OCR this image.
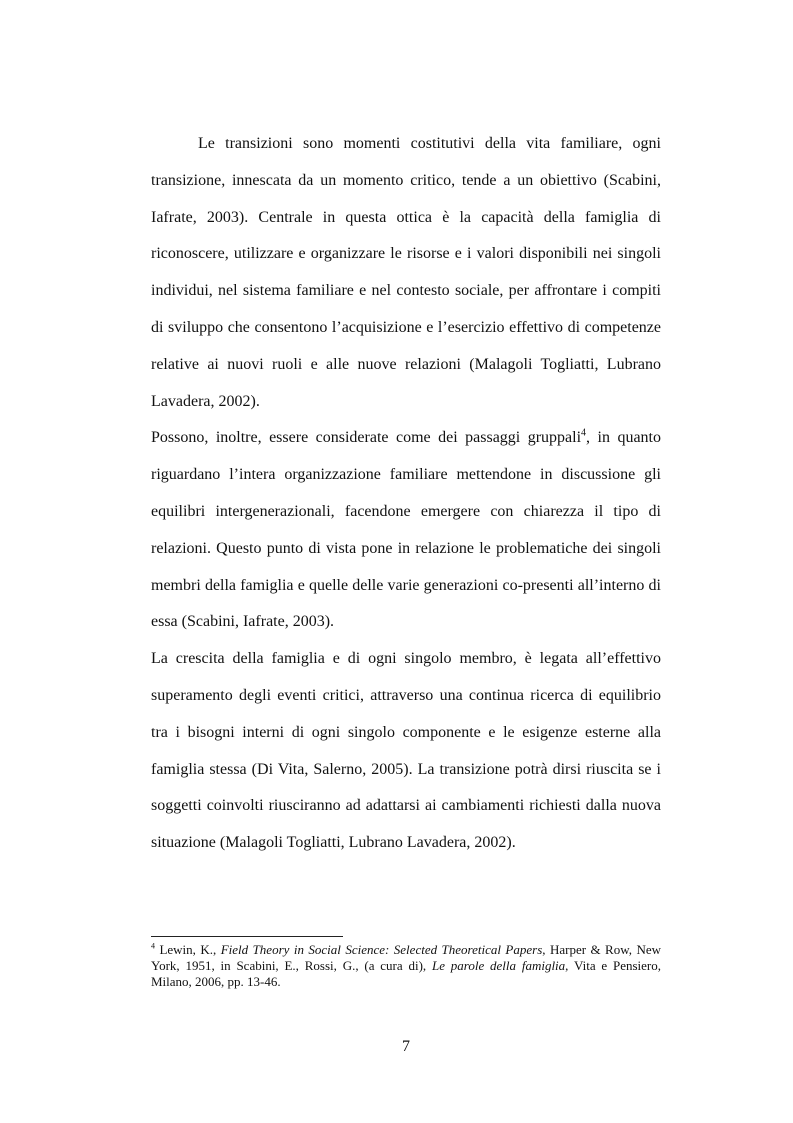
Le transizioni sono momenti costitutivi della vita familiare, ogni transizione, innescata da un momento critico, tende a un obiettivo (Scabini, Iafrate, 2003). Centrale in questa ottica è la capacità della famiglia di riconoscere, utilizzare e organizzare le risorse e i valori disponibili nei singoli individui, nel sistema familiare e nel contesto sociale, per affrontare i compiti di sviluppo che consentono l’acquisizione e l’esercizio effettivo di competenze relative ai nuovi ruoli e alle nuove relazioni (Malagoli Togliatti, Lubrano Lavadera, 2002).

Possono, inoltre, essere considerate come dei passaggi gruppali$^4$, in quanto riguardano l’intera organizzazione familiare mettendone in discussione gli equilibri intergenerazionali, facendone emergere con chiarezza il tipo di relazioni. Questo punto di vista pone in relazione le problematiche dei singoli membri della famiglia e quelle delle varie generazioni co-presenti all’interno di essa (Scabini, Iafrate, 2003).

La crescita della famiglia e di ogni singolo membro, è legata all’effettivo superamento degli eventi critici, attraverso una continua ricerca di equilibrio tra i bisogni interni di ogni singolo componente e le esigenze esterne alla famiglia stessa (Di Vita, Salerno, 2005). La transizione potrà dirsi riuscita se i soggetti coinvolti riusciranno ad adattarsi ai cambiamenti richiesti dalla nuova situazione (Malagoli Togliatti, Lubrano Lavadera, 2002).

$^4$ Lewin, K., Field Theory in Social Science: Selected Theoretical Papers, Harper & Row, New York, 1951, in Scabini, E., Rossi, G., (a cura di), Le parole della famiglia, Vita e Pensiero, Milano, 2006, pp. 13-46.
7
